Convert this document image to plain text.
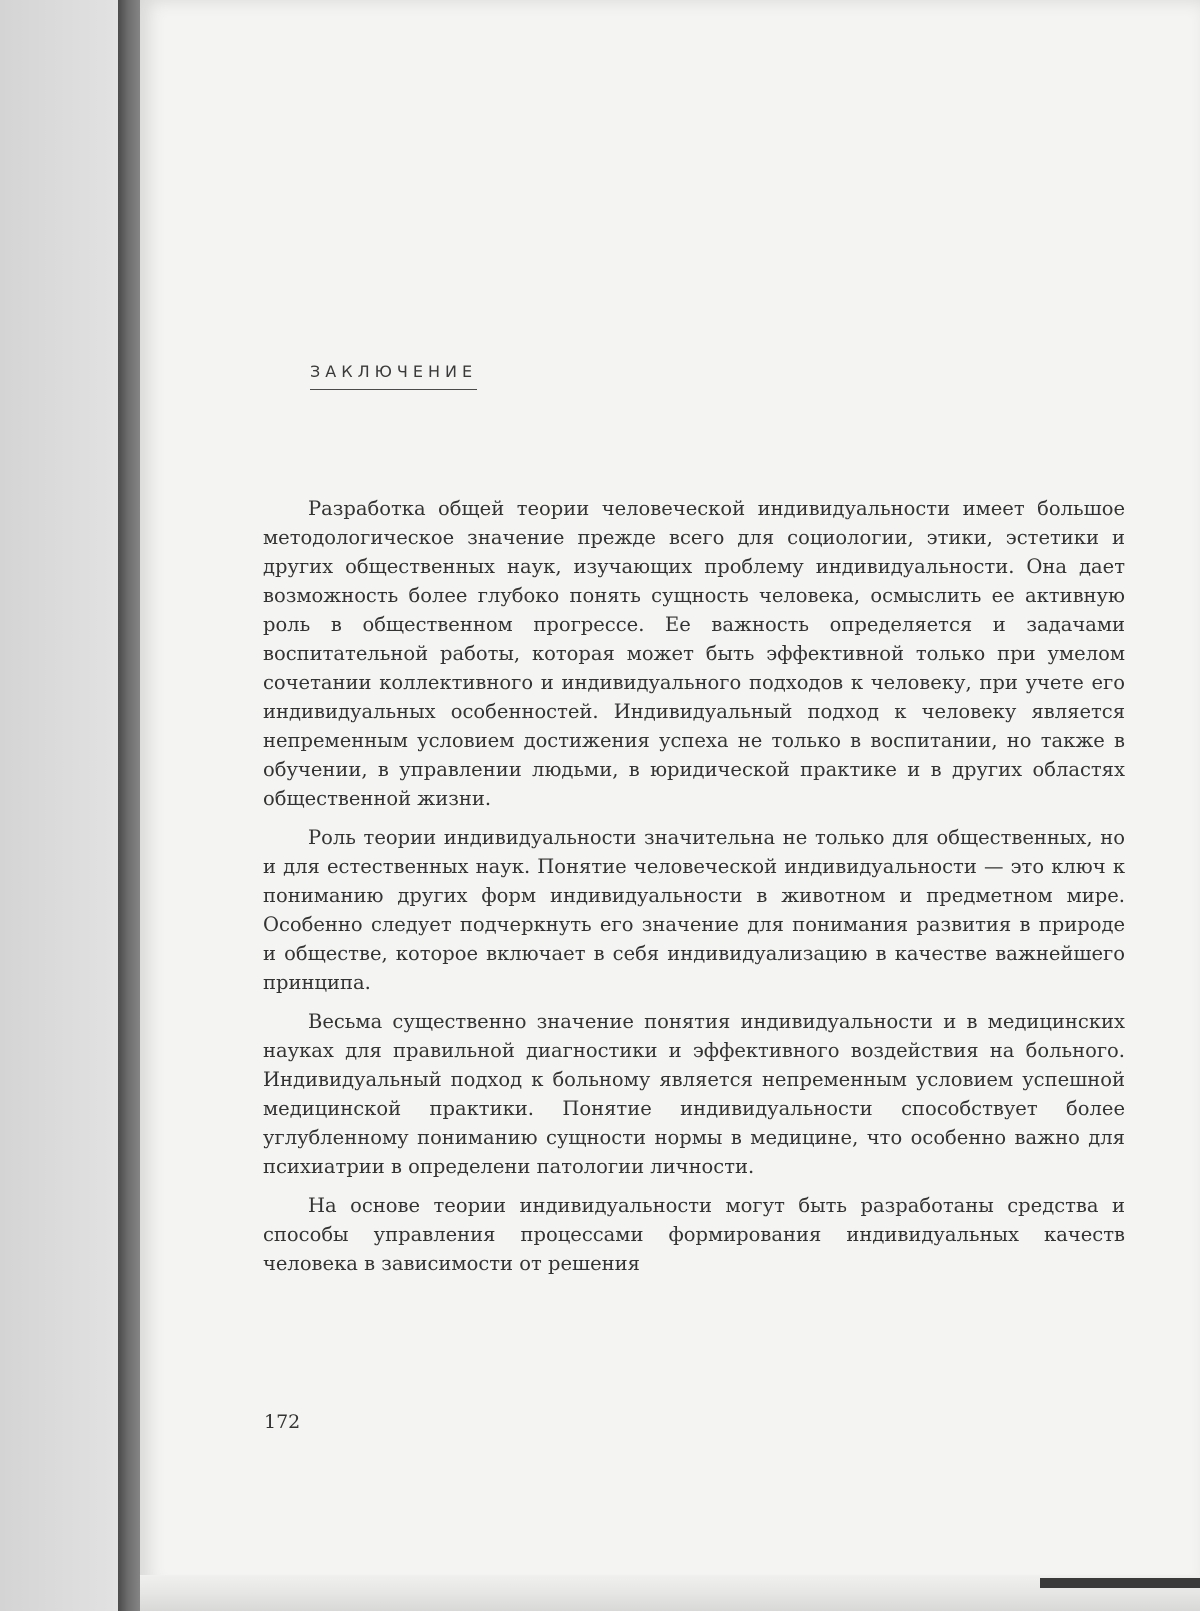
ЗАКЛЮЧЕНИЕ

Разработка общей теории человеческой индивидуальности имеет большое методологическое значение прежде всего для социологии, этики, эстетики и других общественных наук, изучающих проблему индивидуальности. Она дает возможность более глубоко понять сущность человека, осмыслить ее активную роль в общественном прогрессе. Ее важность определяется и задачами воспитательной работы, которая может быть эффективной только при умелом сочетании коллективного и индивидуального подходов к человеку, при учете его индивидуальных особенностей. Индивидуальный подход к человеку является непременным условием достижения успеха не только в воспитании, но также в обучении, в управлении людьми, в юридической практике и в других областях общественной жизни.

Роль теории индивидуальности значительна не только для общественных, но и для естественных наук. Понятие человеческой индивидуальности — это ключ к пониманию других форм индивидуальности в животном и предметном мире. Особенно следует подчеркнуть его значение для понимания развития в природе и обществе, которое включает в себя индивидуализацию в качестве важнейшего принципа.

Весьма существенно значение понятия индивидуальности и в медицинских науках для правильной диагностики и эффективного воздействия на больного. Индивидуальный подход к больному является непременным условием успешной медицинской практики. Понятие индивидуальности способствует более углубленному пониманию сущности нормы в медицине, что особенно важно для психиатрии в определени патологии личности.

На основе теории индивидуальности могут быть разработаны средства и способы управления процессами формирования индивидуальных качеств человека в зависимости от решения

172
